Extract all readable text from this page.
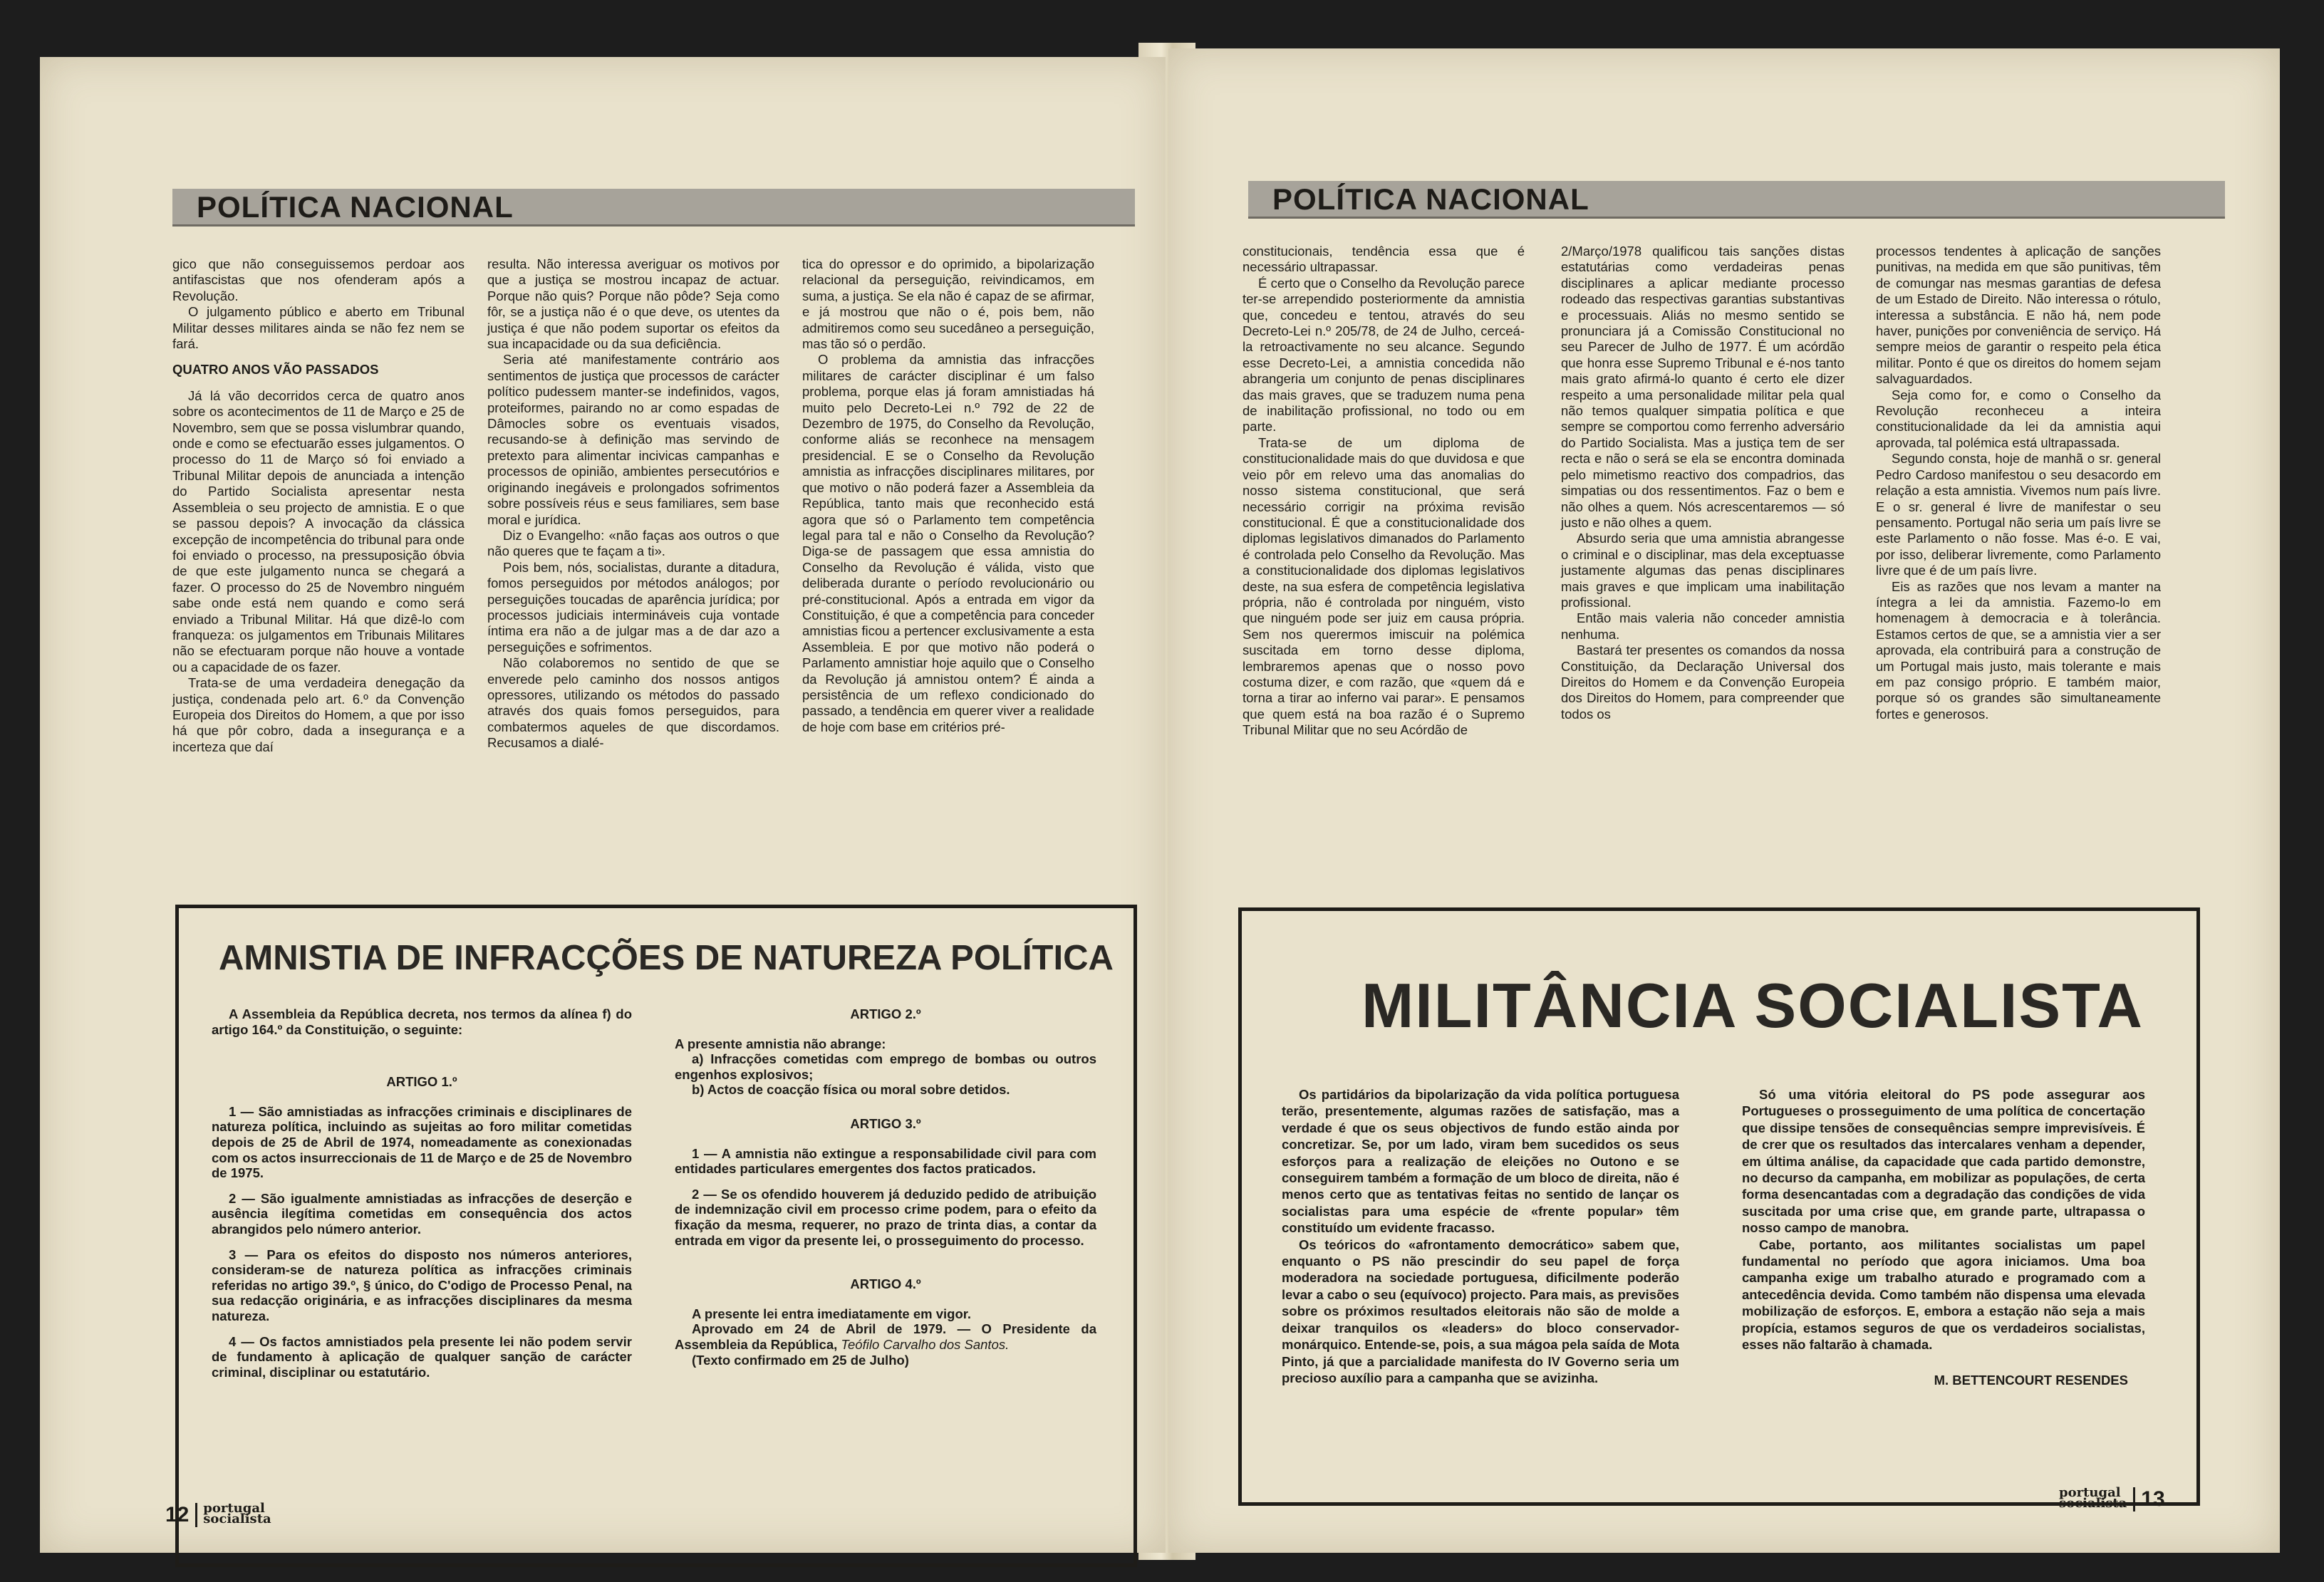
POLÍTICA NACIONAL

gico que não conseguissemos perdoar aos antifascistas que nos ofenderam após a Revolução.

O julgamento público e aberto em Tribunal Militar desses militares ainda se não fez nem se fará.

QUATRO ANOS VÃO PASSADOS

Já lá vão decorridos cerca de quatro anos sobre os acontecimentos de 11 de Março e 25 de Novembro, sem que se possa vislumbrar quando, onde e como se efectuarão esses julgamentos. O processo do 11 de Março só foi enviado a Tribunal Militar depois de anunciada a intenção do Partido Socialista apresentar nesta Assembleia o seu projecto de amnistia. E o que se passou depois? A invocação da clássica excepção de incompetência do tribunal para onde foi enviado o processo, na pressuposição óbvia de que este julgamento nunca se chegará a fazer. O processo do 25 de Novembro ninguém sabe onde está nem quando e como será enviado a Tribunal Militar. Há que dizê-lo com franqueza: os julgamentos em Tribunais Militares não se efectuaram porque não houve a vontade ou a capacidade de os fazer.

Trata-se de uma verdadeira denegação da justiça, condenada pelo art. 6.º da Convenção Europeia dos Direitos do Homem, a que por isso há que pôr cobro, dada a insegurança e a incerteza que daí

resulta. Não interessa averiguar os motivos por que a justiça se mostrou incapaz de actuar. Porque não quis? Porque não pôde? Seja como fôr, se a justiça não é o que deve, os utentes da justiça é que não podem suportar os efeitos da sua incapacidade ou da sua deficiência.

Seria até manifestamente contrário aos sentimentos de justiça que processos de carácter político pudessem manter-se indefinidos, vagos, proteiformes, pairando no ar como espadas de Dâmocles sobre os eventuais visados, recusando-se à definição mas servindo de pretexto para alimentar incivicas campanhas e processos de opinião, ambientes persecutórios e originando inegáveis e prolongados sofrimentos sobre possíveis réus e seus familiares, sem base moral e jurídica.

Diz o Evangelho: «não faças aos outros o que não queres que te façam a ti».

Pois bem, nós, socialistas, durante a ditadura, fomos perseguidos por métodos análogos; por perseguições toucadas de aparência jurídica; por processos judiciais intermináveis cuja vontade íntima era não a de julgar mas a de dar azo a perseguições e sofrimentos.

Não colaboremos no sentido de que se enverede pelo caminho dos nossos antigos opressores, utilizando os métodos do passado através dos quais fomos perseguidos, para combatermos aqueles de que discordamos. Recusamos a dialé-

tica do opressor e do oprimido, a bipolarização relacional da perseguição, reivindicamos, em suma, a justiça. Se ela não é capaz de se afirmar, e já mostrou que não o é, pois bem, não admitiremos como seu sucedâneo a perseguição, mas tão só o perdão.

O problema da amnistia das infracções militares de carácter disciplinar é um falso problema, porque elas já foram amnistiadas há muito pelo Decreto-Lei n.º 792 de 22 de Dezembro de 1975, do Conselho da Revolução, conforme aliás se reconhece na mensagem presidencial. E se o Conselho da Revolução amnistia as infracções disciplinares militares, por que motivo o não poderá fazer a Assembleia da República, tanto mais que reconhecido está agora que só o Parlamento tem competência legal para tal e não o Conselho da Revolução? Diga-se de passagem que essa amnistia do Conselho da Revolução é válida, visto que deliberada durante o período revolucionário ou pré-constitucional. Após a entrada em vigor da Constituição, é que a competência para conceder amnistias ficou a pertencer exclusivamente a esta Assembleia. E por que motivo não poderá o Parlamento amnistiar hoje aquilo que o Conselho da Revolução já amnistou ontem? É ainda a persistência de um reflexo condicionado do passado, a tendência em querer viver a realidade de hoje com base em critérios pré-

AMNISTIA DE INFRACÇÕES DE NATUREZA POLÍTICA

A Assembleia da República decreta, nos termos da alínea f) do artigo 164.º da Constituição, o seguinte:

ARTIGO 1.º

1 — São amnistiadas as infracções criminais e disciplinares de natureza política, incluindo as sujeitas ao foro militar cometidas depois de 25 de Abril de 1974, nomeadamente as conexionadas com os actos insurreccionais de 11 de Março e de 25 de Novembro de 1975.

2 — São igualmente amnistiadas as infracções de deserção e ausência ilegítima cometidas em consequência dos actos abrangidos pelo número anterior.

3 — Para os efeitos do disposto nos números anteriores, consideram-se de natureza política as infracções criminais referidas no artigo 39.º, § único, do C'odigo de Processo Penal, na sua redacção originária, e as infracções disciplinares da mesma natureza.

4 — Os factos amnistiados pela presente lei não podem servir de fundamento à aplicação de qualquer sanção de carácter criminal, disciplinar ou estatutário.

ARTIGO 2.º

A presente amnistia não abrange:

a) Infracções cometidas com emprego de bombas ou outros engenhos explosivos;

b) Actos de coacção física ou moral sobre detidos.

ARTIGO 3.º

1 — A amnistia não extingue a responsabilidade civil para com entidades particulares emergentes dos factos praticados.

2 — Se os ofendido houverem já deduzido pedido de atribuição de indemnização civil em processo crime podem, para o efeito da fixação da mesma, requerer, no prazo de trinta dias, a contar da entrada em vigor da presente lei, o prosseguimento do processo.

ARTIGO 4.º

A presente lei entra imediatamente em vigor.

Aprovado em 24 de Abril de 1979. — O Presidente da Assembleia da República, Teófilo Carvalho dos Santos.

(Texto confirmado em 25 de Julho)

12 portugal
socialista
POLÍTICA NACIONAL

constitucionais, tendência essa que é necessário ultrapassar.

É certo que o Conselho da Revolução parece ter-se arrependido posteriormente da amnistia que, concedeu e tentou, através do seu Decreto-Lei n.º 205/78, de 24 de Julho, cerceá-la retroactivamente no seu alcance. Segundo esse Decreto-Lei, a amnistia concedida não abrangeria um conjunto de penas disciplinares das mais graves, que se traduzem numa pena de inabilitação profissional, no todo ou em parte.

Trata-se de um diploma de constitucionalidade mais do que duvidosa e que veio pôr em relevo uma das anomalias do nosso sistema constitucional, que será necessário corrigir na próxima revisão constitucional. É que a constitucionalidade dos diplomas legislativos dimanados do Parlamento é controlada pelo Conselho da Revolução. Mas a constitucionalidade dos diplomas legislativos deste, na sua esfera de competência legislativa própria, não é controlada por ninguém, visto que ninguém pode ser juiz em causa própria. Sem nos querermos imiscuir na polémica suscitada em torno desse diploma, lembraremos apenas que o nosso povo costuma dizer, e com razão, que «quem dá e torna a tirar ao inferno vai parar». E pensamos que quem está na boa razão é o Supremo Tribunal Militar que no seu Acórdão de

2/Março/1978 qualificou tais sanções distas estatutárias como verdadeiras penas disciplinares a aplicar mediante processo rodeado das respectivas garantias substantivas e processuais. Aliás no mesmo sentido se pronunciara já a Comissão Constitucional no seu Parecer de Julho de 1977. É um acórdão que honra esse Supremo Tribunal e é-nos tanto mais grato afirmá-lo quanto é certo ele dizer respeito a uma personalidade militar pela qual não temos qualquer simpatia política e que sempre se comportou como ferrenho adversário do Partido Socialista. Mas a justiça tem de ser recta e não o será se ela se encontra dominada pelo mimetismo reactivo dos compadrios, das simpatias ou dos ressentimentos. Faz o bem e não olhes a quem. Nós acrescentaremos — só justo e não olhes a quem.

Absurdo seria que uma amnistia abrangesse o criminal e o disciplinar, mas dela exceptuasse justamente algumas das penas disciplinares mais graves e que implicam uma inabilitação profissional.

Então mais valeria não conceder amnistia nenhuma.

Bastará ter presentes os comandos da nossa Constituição, da Declaração Universal dos Direitos do Homem e da Convenção Europeia dos Direitos do Homem, para compreender que todos os

processos tendentes à aplicação de sanções punitivas, na medida em que são punitivas, têm de comungar nas mesmas garantias de defesa de um Estado de Direito. Não interessa o rótulo, interessa a substância. E não há, nem pode haver, punições por conveniência de serviço. Há sempre meios de garantir o respeito pela ética militar. Ponto é que os direitos do homem sejam salvaguardados.

Seja como for, e como o Conselho da Revolução reconheceu a inteira constitucionalidade da lei da amnistia aqui aprovada, tal polémica está ultrapassada.

Segundo consta, hoje de manhã o sr. general Pedro Cardoso manifestou o seu desacordo em relação a esta amnistia. Vivemos num país livre. E o sr. general é livre de manifestar o seu pensamento. Portugal não seria um país livre se este Parlamento o não fosse. Mas é-o. E vai, por isso, deliberar livremente, como Parlamento livre que é de um país livre.

Eis as razões que nos levam a manter na íntegra a lei da amnistia. Fazemo-lo em homenagem à democracia e à tolerância. Estamos certos de que, se a amnistia vier a ser aprovada, ela contribuirá para a construção de um Portugal mais justo, mais tolerante e mais em paz consigo próprio. E também maior, porque só os grandes são simultaneamente fortes e generosos.

MILITÂNCIA SOCIALISTA

Os partidários da bipolarização da vida política portuguesa terão, presentemente, algumas razões de satisfação, mas a verdade é que os seus objectivos de fundo estão ainda por concretizar. Se, por um lado, viram bem sucedidos os seus esforços para a realização de eleições no Outono e se conseguirem também a formação de um bloco de direita, não é menos certo que as tentativas feitas no sentido de lançar os socialistas para uma espécie de «frente popular» têm constituído um evidente fracasso.

Os teóricos do «afrontamento democrático» sabem que, enquanto o PS não prescindir do seu papel de força moderadora na sociedade portuguesa, dificilmente poderão levar a cabo o seu (equívoco) projecto. Para mais, as previsões sobre os próximos resultados eleitorais não são de molde a deixar tranquilos os «leaders» do bloco conservador-monárquico. Entende-se, pois, a sua mágoa pela saída de Mota Pinto, já que a parcialidade manifesta do IV Governo seria um precioso auxílio para a campanha que se avizinha.

Só uma vitória eleitoral do PS pode assegurar aos Portugueses o prosseguimento de uma política de concertação que dissipe tensões de consequências sempre imprevisíveis. É de crer que os resultados das intercalares venham a depender, em última análise, da capacidade que cada partido demonstre, no decurso da campanha, em mobilizar as populações, de certa forma desencantadas com a degradação das condições de vida suscitada por uma crise que, em grande parte, ultrapassa o nosso campo de manobra.

Cabe, portanto, aos militantes socialistas um papel fundamental no período que agora iniciamos. Uma boa campanha exige um trabalho aturado e programado com a antecedência devida. Como também não dispensa uma elevada mobilização de esforços. E, embora a estação não seja a mais propícia, estamos seguros de que os verdadeiros socialistas, esses não faltarão à chamada.

M. BETTENCOURT RESENDES

portugal
socialista 13
